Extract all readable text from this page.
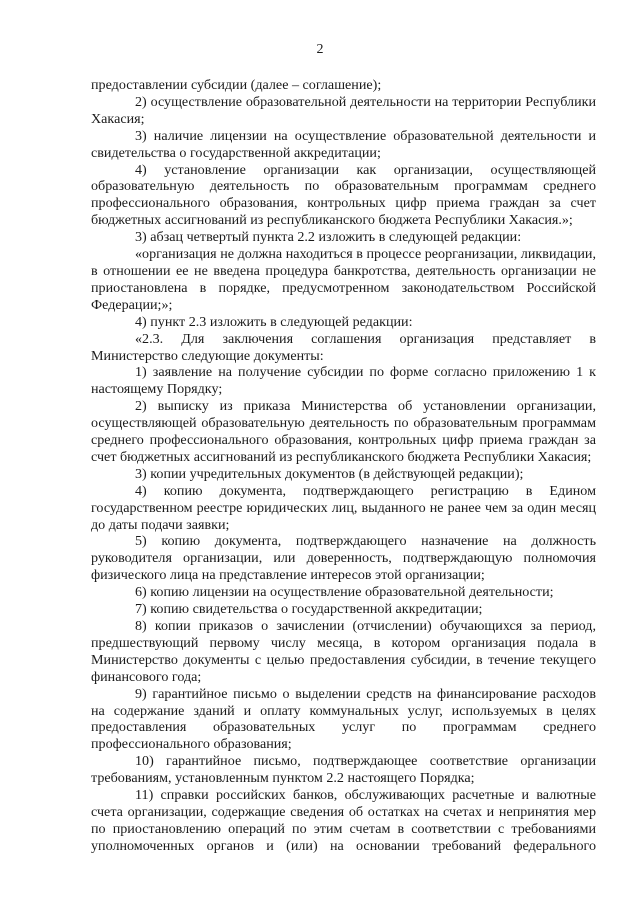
2

предоставлении субсидии (далее – соглашение);

2) осуществление образовательной деятельности на территории Республики Хакасия;

3) наличие лицензии на осуществление образовательной деятельности и свидетельства о государственной аккредитации;

4) установление организации как организации, осуществляющей образовательную деятельность по образовательным программам среднего профессионального образования, контрольных цифр приема граждан за счет бюджетных ассигнований из республиканского бюджета Республики Хакасия.»;

3) абзац четвертый пункта 2.2 изложить в следующей редакции:

«организация не должна находиться в процессе реорганизации, ликвидации, в отношении ее не введена процедура банкротства, деятельность организации не приостановлена в порядке, предусмотренном законодательством Российской Федерации;»;

4) пункт 2.3 изложить в следующей редакции:

«2.3. Для заключения соглашения организация представляет в Министерство следующие документы:

1) заявление на получение субсидии по форме согласно приложению 1 к настоящему Порядку;

2) выписку из приказа Министерства об установлении организации, осуществляющей образовательную деятельность по образовательным программам среднего профессионального образования, контрольных цифр приема граждан за счет бюджетных ассигнований из республиканского бюджета Республики Хакасия;

3) копии учредительных документов (в действующей редакции);

4) копию документа, подтверждающего регистрацию в Едином государственном реестре юридических лиц, выданного не ранее чем за один месяц до даты подачи заявки;

5) копию документа, подтверждающего назначение на должность руководителя организации, или доверенность, подтверждающую полномочия физического лица на представление интересов этой организации;

6) копию лицензии на осуществление образовательной деятельности;

7) копию свидетельства о государственной аккредитации;

8) копии приказов о зачислении (отчислении) обучающихся за период, предшествующий первому числу месяца, в котором организация подала в Министерство документы с целью предоставления субсидии, в течение текущего финансового года;

9) гарантийное письмо о выделении средств на финансирование расходов на содержание зданий и оплату коммунальных услуг, используемых в целях предоставления образовательных услуг по программам среднего профессионального образования;

10) гарантийное письмо, подтверждающее соответствие организации требованиям, установленным пунктом 2.2 настоящего Порядка;

11) справки российских банков, обслуживающих расчетные и валютные счета организации, содержащие сведения об остатках на счетах и непринятия мер по приостановлению операций по этим счетам в соответствии с требованиями уполномоченных органов и (или) на основании требований федерального
